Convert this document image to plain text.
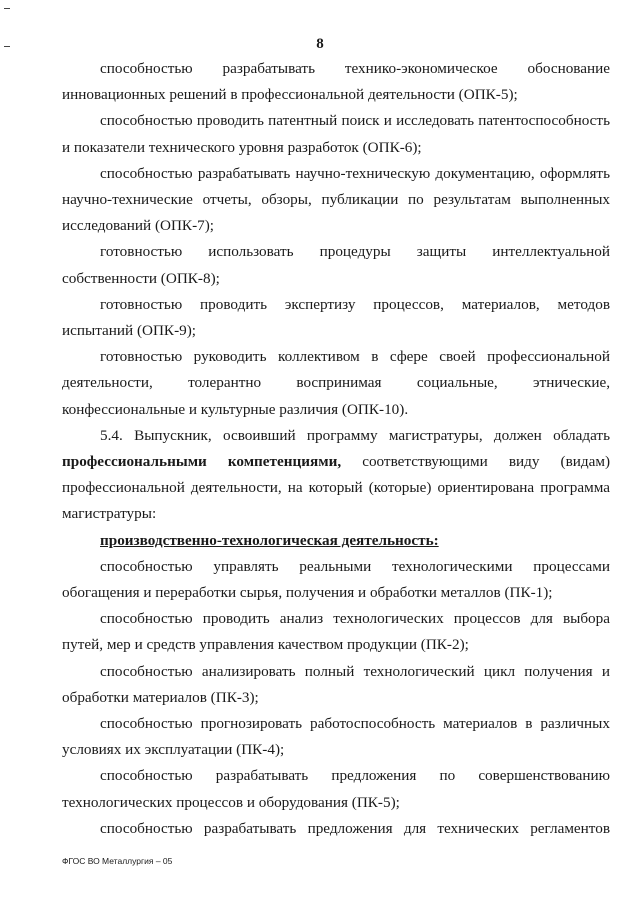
8

способностью разрабатывать технико-экономическое обоснование инновационных решений в профессиональной деятельности (ОПК-5);

способностью проводить патентный поиск и исследовать патентоспособность и показатели технического уровня разработок (ОПК-6);

способностью разрабатывать научно-техническую документацию, оформлять научно-технические отчеты, обзоры, публикации по результатам выполненных исследований (ОПК-7);

готовностью использовать процедуры защиты интеллектуальной собственности (ОПК-8);

готовностью проводить экспертизу процессов, материалов, методов испытаний (ОПК-9);

готовностью руководить коллективом в сфере своей профессиональной деятельности, толерантно воспринимая социальные, этнические, конфессиональные и культурные различия (ОПК-10).

5.4. Выпускник, освоивший программу магистратуры, должен обладать профессиональными компетенциями, соответствующими виду (видам) профессиональной деятельности, на который (которые) ориентирована программа магистратуры:

производственно-технологическая деятельность:

способностью управлять реальными технологическими процессами обогащения и переработки сырья, получения и обработки металлов (ПК-1);

способностью проводить анализ технологических процессов для выбора путей, мер и средств управления качеством продукции (ПК-2);

способностью анализировать полный технологический цикл получения и обработки материалов (ПК-3);

способностью прогнозировать работоспособность материалов в различных условиях их эксплуатации (ПК-4);

способностью разрабатывать предложения по совершенствованию технологических процессов и оборудования (ПК-5);

способностью разрабатывать предложения для технических регламентов

ФГОС ВО Металлургия – 05
